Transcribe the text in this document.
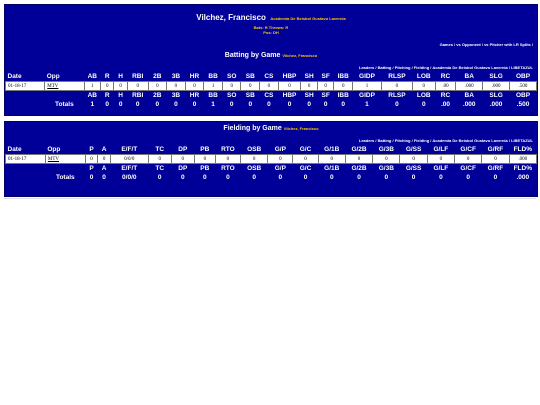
Vilchez, Francisco Academia De Beisbol Gustavo Lavernia
Bats: R Throws: R
Pos: DH
Games / vs Opponent / vs Pitcher with LR Splits /
Batting by Game Vilchez, Francisco
Leaders / Batting / Pitching / Fielding / Academia De Beisbol Gustavo Lavernia / LIBETAZUL
Date	Opp	AB	R	H	RBI	2B	3B	HR	BB	SO	SB	CS	HBP	SH	SF	IBB	GIDP	RLSP	LOB	RC	BA	SLG	OBP
01-18-17	MTV	1	0	0	0	0	0	0	1	0	0	0	0	0	0	0	1	0	0	.00	.000	.000	.500
		AB	R	H	RBI	2B	3B	HR	BB	SO	SB	CS	HBP	SH	SF	IBB	GIDP	RLSP	LOB	RC	BA	SLG	OBP
	Totals	1	0	0	0	0	0	0	1	0	0	0	0	0	0	0	1	0	0	.00	.000	.000	.500
Fielding by Game Vilchez, Francisco
Leaders / Batting / Pitching / Fielding / Academia De Beisbol Gustavo Lavernia / LIBETAZUL
Date	Opp	P	A	E/F/T	TC	DP	PB	RTO	OSB	G/P	G/C	G/1B	G/2B	G/3B	G/SS	G/LF	G/CF	G/RF	FLD%
01-18-17	MTV	0	0	0/0/0	0	0	0	0	0	0	0	0	0	0	0	0	0	0	.000
		P	A	E/F/T	TC	DP	PB	RTO	OSB	G/P	G/C	G/1B	G/2B	G/3B	G/SS	G/LF	G/CF	G/RF	FLD%
	Totals	0	0	0/0/0	0	0	0	0	0	0	0	0	0	0	0	0	0	0	.000
